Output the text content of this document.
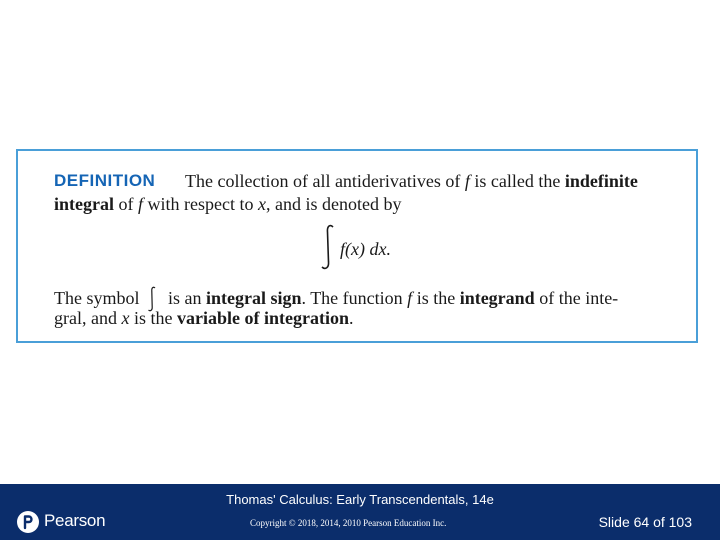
DEFINITION The collection of all antiderivatives of f is called the indefinite
integral of f with respect to x, and is denoted by
f(x) dx.
The symbol is an integral sign. The function f is the integrand of the inte-
gral, and x is the variable of integration.
Thomas' Calculus: Early Transcendentals, 14e
Pearson	Copyright © 2018, 2014, 2010 Pearson Education Inc.	Slide 64 of 103
